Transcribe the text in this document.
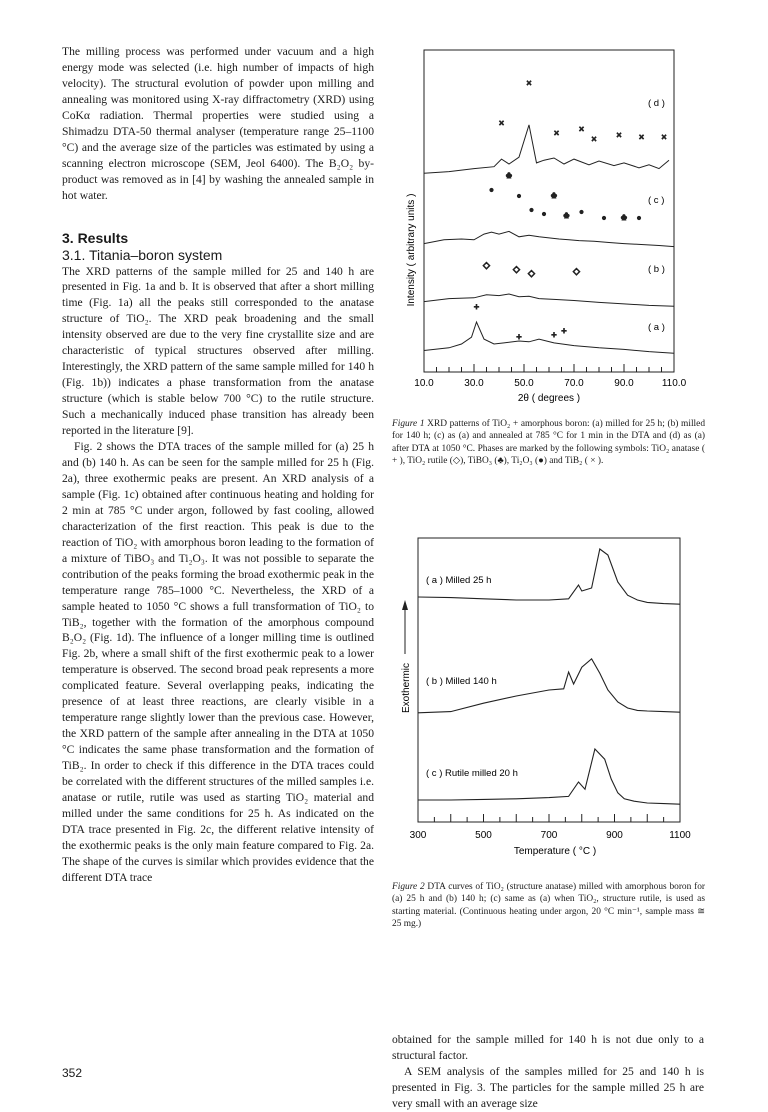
The milling process was performed under vacuum and a high energy mode was selected (i.e. high number of impacts of high velocity). The structural evolution of powder upon milling and annealing was monitored using X-ray diffractometry (XRD) using CoKα radiation. Thermal properties were studied using a Shimadzu DTA-50 thermal analyser (temperature range 25–1100 °C) and the average size of the particles was estimated by using a scanning electron microscope (SEM, Jeol 6400). The B₂O₂ by-product was removed as in [4] by washing the annealed sample in hot water.

3. Results
3.1. Titania–boron system

The XRD patterns of the sample milled for 25 and 140 h are presented in Fig. 1a and b. It is observed that after a short milling time (Fig. 1a) all the peaks still corresponded to the anatase structure of TiO₂. The XRD peak broadening and the small intensity observed are due to the very fine crystallite size and are characteristic of typical structures observed after milling. Interestingly, the XRD pattern of the same sample milled for 140 h (Fig. 1b)) indicates a phase transformation from the anatase structure (which is stable below 700 °C) to the rutile structure. Such a mechanically induced phase transition has already been reported in the literature [9].

Fig. 2 shows the DTA traces of the sample milled for (a) 25 h and (b) 140 h. As can be seen for the sample milled for 25 h (Fig. 2a), three exothermic peaks are present. An XRD analysis of a sample (Fig. 1c) obtained after continuous heating and holding for 2 min at 785 °C under argon, followed by fast cooling, allowed characterization of the first reaction. This peak is due to the reaction of TiO₂ with amorphous boron leading to the formation of a mixture of TiBO₃ and Ti₂O₃. It was not possible to separate the contribution of the peaks forming the broad exothermic peak in the temperature range 785–1000 °C. Nevertheless, the XRD of a sample heated to 1050 °C shows a full transformation of TiO₂ to TiB₂, together with the formation of the amorphous compound B₂O₂ (Fig. 1d). The influence of a longer milling time is outlined Fig. 2b, where a small shift of the first exothermic peak to a lower temperature is observed. The second broad peak represents a more complicated feature. Several overlapping peaks, indicating the presence of at least three reactions, are clearly visible in a temperature range slightly lower than the previous case. However, the XRD pattern of the sample after annealing in the DTA at 1050 °C indicates the same phase transformation and the formation of TiB₂. In order to check if this difference in the DTA traces could be correlated with the different structures of the milled samples i.e. anatase or rutile, rutile was used as starting TiO₂ material and milled under the same conditions for 25 h. As indicated on the DTA trace presented in Fig. 2c, the different relative intensity of the exothermic peaks is the only main feature compared to Fig. 2a. The shape of the curves is similar which provides evidence that the different DTA trace

10.0	30.0	50.0	70.0	90.0	110.0
×
×
× ×
× × × ×
♣
♣
♣	♣
◇	◇ ◇	◇
+
+	+ +
Intensity ( arbitrary units )
2θ ( degrees )
( d )
( c )
( b )
( a )
Figure 1 XRD patterns of TiO₂ + amorphous boron: (a) milled for 25 h; (b) milled for 140 h; (c) as (a) and annealed at 785 °C for 1 min in the DTA and (d) as (a) after DTA at 1050 °C. Phases are marked by the following symbols: TiO₂ anatase ( + ), TiO₂ rutile (◇), TiBO₃ (♣), Ti₂O₃ (●) and TiB₂ ( × ).
300	500	700	900	1100
Exothermic
Temperature ( °C )
( a ) Milled 25 h
( b ) Milled 140 h
( c ) Rutile milled 20 h
Figure 2 DTA curves of TiO₂ (structure anatase) milled with amorphous boron for (a) 25 h and (b) 140 h; (c) same as (a) when TiO₂, structure rutile, is used as starting material. (Continuous heating under argon, 20 °C min⁻¹, sample mass ≅ 25 mg.)

obtained for the sample milled for 140 h is not due only to a structural factor.

A SEM analysis of the samples milled for 25 and 140 h is presented in Fig. 3. The particles for the sample milled 25 h are very small with an average size

352
